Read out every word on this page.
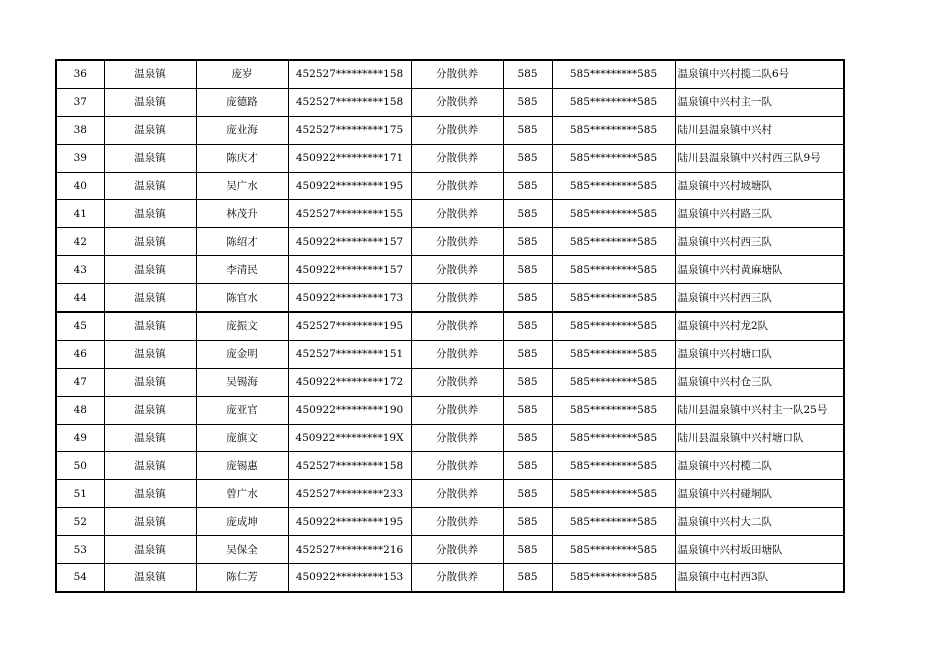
36	温泉镇	庞岁	452527*********158	分散供养	585	585*********585	温泉镇中兴村揽二队6号
37	温泉镇	庞德路	452527*********158	分散供养	585	585*********585	温泉镇中兴村主一队
38	温泉镇	庞业海	452527*********175	分散供养	585	585*********585	陆川县温泉镇中兴村
39	温泉镇	陈庆才	450922*********171	分散供养	585	585*********585	陆川县温泉镇中兴村西三队9号
40	温泉镇	吴广水	450922*********195	分散供养	585	585*********585	温泉镇中兴村坡塘队
41	温泉镇	林茂升	452527*********155	分散供养	585	585*********585	温泉镇中兴村路三队
42	温泉镇	陈绍才	450922*********157	分散供养	585	585*********585	温泉镇中兴村西三队
43	温泉镇	李清民	450922*********157	分散供养	585	585*********585	温泉镇中兴村黄麻塘队
44	温泉镇	陈官水	450922*********173	分散供养	585	585*********585	温泉镇中兴村西三队
45	温泉镇	庞振文	452527*********195	分散供养	585	585*********585	温泉镇中兴村龙2队
46	温泉镇	庞金明	452527*********151	分散供养	585	585*********585	温泉镇中兴村塘口队
47	温泉镇	吴锡海	450922*********172	分散供养	585	585*********585	温泉镇中兴村仓三队
48	温泉镇	庞亚官	450922*********190	分散供养	585	585*********585	陆川县温泉镇中兴村主一队25号
49	温泉镇	庞旗文	450922*********19X	分散供养	585	585*********585	陆川县温泉镇中兴村塘口队
50	温泉镇	庞锡惠	452527*********158	分散供养	585	585*********585	温泉镇中兴村榄二队
51	温泉镇	曾广水	452527*********233	分散供养	585	585*********585	温泉镇中兴村碰垌队
52	温泉镇	庞成坤	450922*********195	分散供养	585	585*********585	温泉镇中兴村大二队
53	温泉镇	吴保全	452527*********216	分散供养	585	585*********585	温泉镇中兴村坂田塘队
54	温泉镇	陈仁芳	450922*********153	分散供养	585	585*********585	温泉镇中屯村西3队
